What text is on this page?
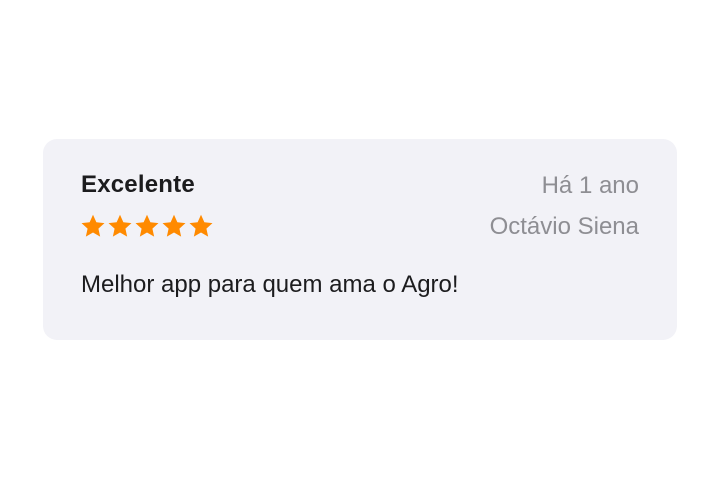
Excelente	Há 1 ano
Octávio Siena
Melhor app para quem ama o Agro!
